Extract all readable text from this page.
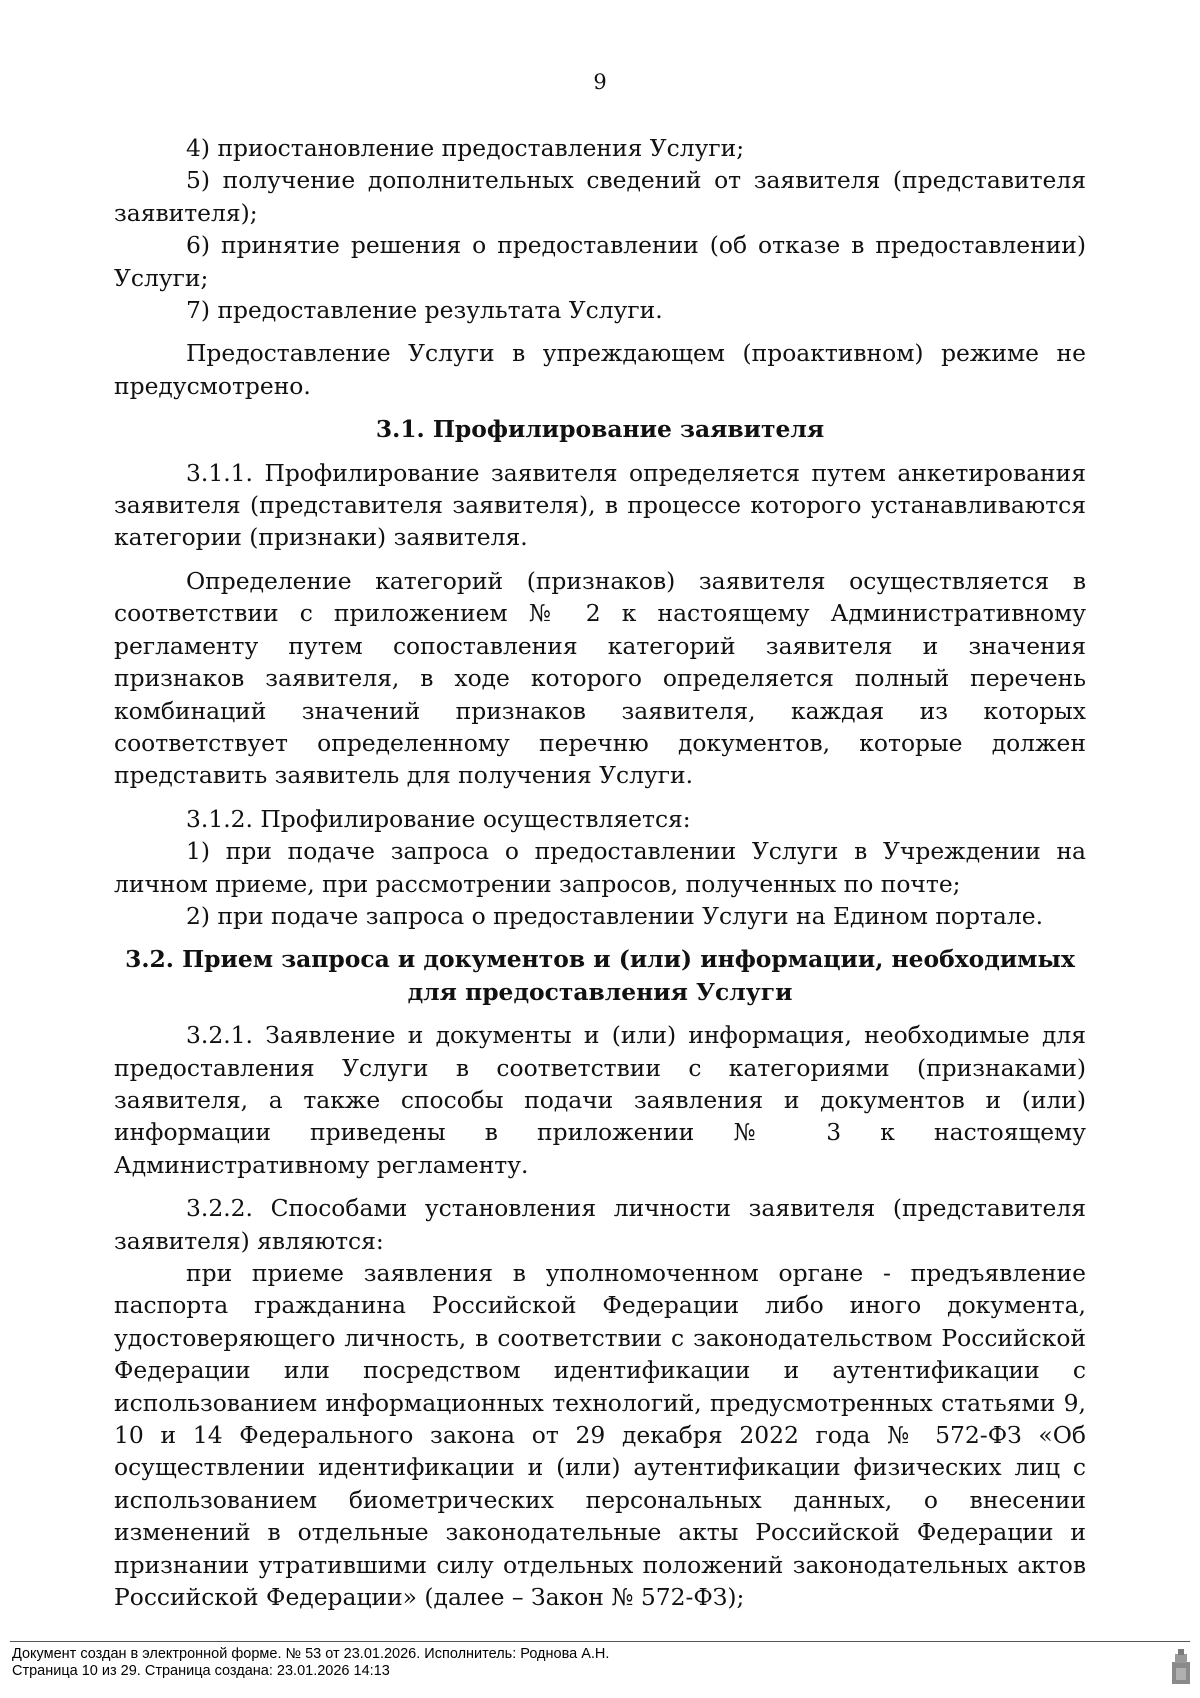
9

4) приостановление предоставления Услуги;

5) получение дополнительных сведений от заявителя (представителя заявителя);

6) принятие решения о предоставлении (об отказе в предоставлении) Услуги;

7) предоставление результата Услуги.

Предоставление Услуги в упреждающем (проактивном) режиме не предусмотрено.

3.1. Профилирование заявителя

3.1.1. Профилирование заявителя определяется путем анкетирования заявителя (представителя заявителя), в процессе которого устанавливаются категории (признаки) заявителя.

Определение категорий (признаков) заявителя осуществляется в соответствии с приложением № 2 к настоящему Административному регламенту путем сопоставления категорий заявителя и значения признаков заявителя, в ходе которого определяется полный перечень комбинаций значений признаков заявителя, каждая из которых соответствует определенному перечню документов, которые должен представить заявитель для получения Услуги.

3.1.2. Профилирование осуществляется:

1) при подаче запроса о предоставлении Услуги в Учреждении на личном приеме, при рассмотрении запросов, полученных по почте;

2) при подаче запроса о предоставлении Услуги на Едином портале.

3.2. Прием запроса и документов и (или) информации, необходимых для предоставления Услуги

3.2.1. Заявление и документы и (или) информация, необходимые для предоставления Услуги в соответствии с категориями (признаками) заявителя, а также способы подачи заявления и документов и (или) информации приведены в приложении № 3 к настоящему Административному регламенту.

3.2.2. Способами установления личности заявителя (представителя заявителя) являются:

при приеме заявления в уполномоченном органе - предъявление паспорта гражданина Российской Федерации либо иного документа, удостоверяющего личность, в соответствии с законодательством Российской Федерации или посредством идентификации и аутентификации с использованием информационных технологий, предусмотренных статьями 9, 10 и 14 Федерального закона от 29 декабря 2022 года № 572-ФЗ «Об осуществлении идентификации и (или) аутентификации физических лиц с использованием биометрических персональных данных, о внесении изменений в отдельные законодательные акты Российской Федерации и признании утратившими силу отдельных положений законодательных актов Российской Федерации» (далее – Закон № 572-ФЗ);

Документ создан в электронной форме. № 53 от 23.01.2026. Исполнитель: Роднова А.Н.
Страница 10 из 29. Страница создана: 23.01.2026 14:13
